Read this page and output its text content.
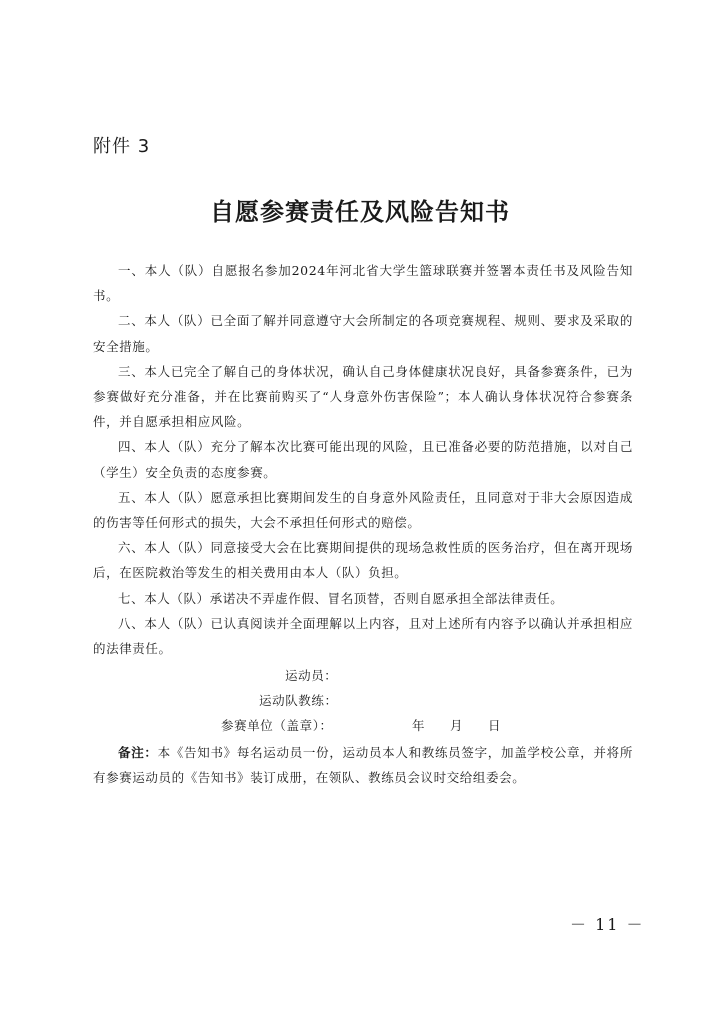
附件 3
自愿参赛责任及风险告知书

一、本人（队）自愿报名参加2024年河北省大学生篮球联赛并签署本责任书及风险告知书。

二、本人（队）已全面了解并同意遵守大会所制定的各项竞赛规程、规则、要求及采取的安全措施。

三、本人已完全了解自己的身体状况，确认自己身体健康状况良好，具备参赛条件，已为参赛做好充分准备，并在比赛前购买了“人身意外伤害保险”；本人确认身体状况符合参赛条件，并自愿承担相应风险。

四、本人（队）充分了解本次比赛可能出现的风险，且已准备必要的防范措施，以对自己（学生）安全负责的态度参赛。

五、本人（队）愿意承担比赛期间发生的自身意外风险责任，且同意对于非大会原因造成的伤害等任何形式的损失，大会不承担任何形式的赔偿。

六、本人（队）同意接受大会在比赛期间提供的现场急救性质的医务治疗，但在离开现场后，在医院救治等发生的相关费用由本人（队）负担。

七、本人（队）承诺决不弄虚作假、冒名顶替，否则自愿承担全部法律责任。

八、本人（队）已认真阅读并全面理解以上内容，且对上述所有内容予以确认并承担相应的法律责任。

运动员：
运动队教练：
参赛单位（盖章）：	年 月 日
备注：本《告知书》每名运动员一份，运动员本人和教练员签字，加盖学校公章，并将所有参赛运动员的《告知书》装订成册，在领队、教练员会议时交给组委会。
－ 11 －
